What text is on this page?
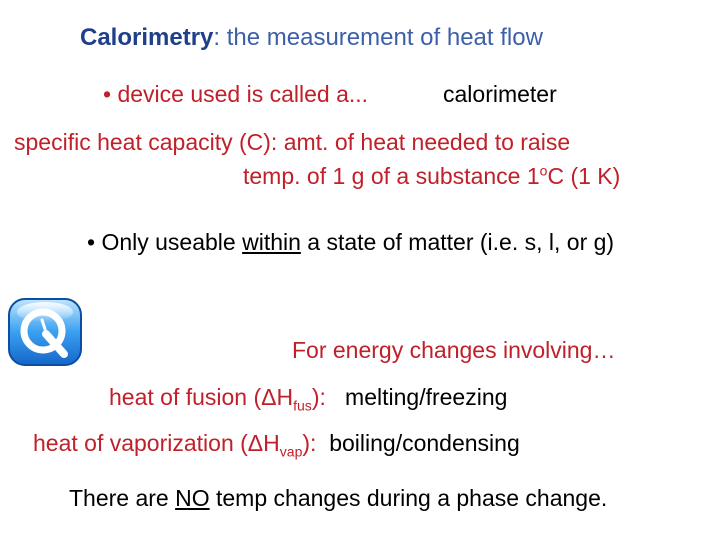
Calorimetry: the measurement of heat flow
• device used is called a...	calorimeter
specific heat capacity (C): amt. of heat needed to raise
temp. of 1 g of a substance 1$^o$C (1 K)
• Only useable within a state of matter (i.e. s, l, or g)
For energy changes involving…
heat of fusion $(\Delta H_{fus})$: melting/freezing
heat of vaporization $(\Delta H_{vap})$: boiling/condensing
There are NO temp changes during a phase change.
